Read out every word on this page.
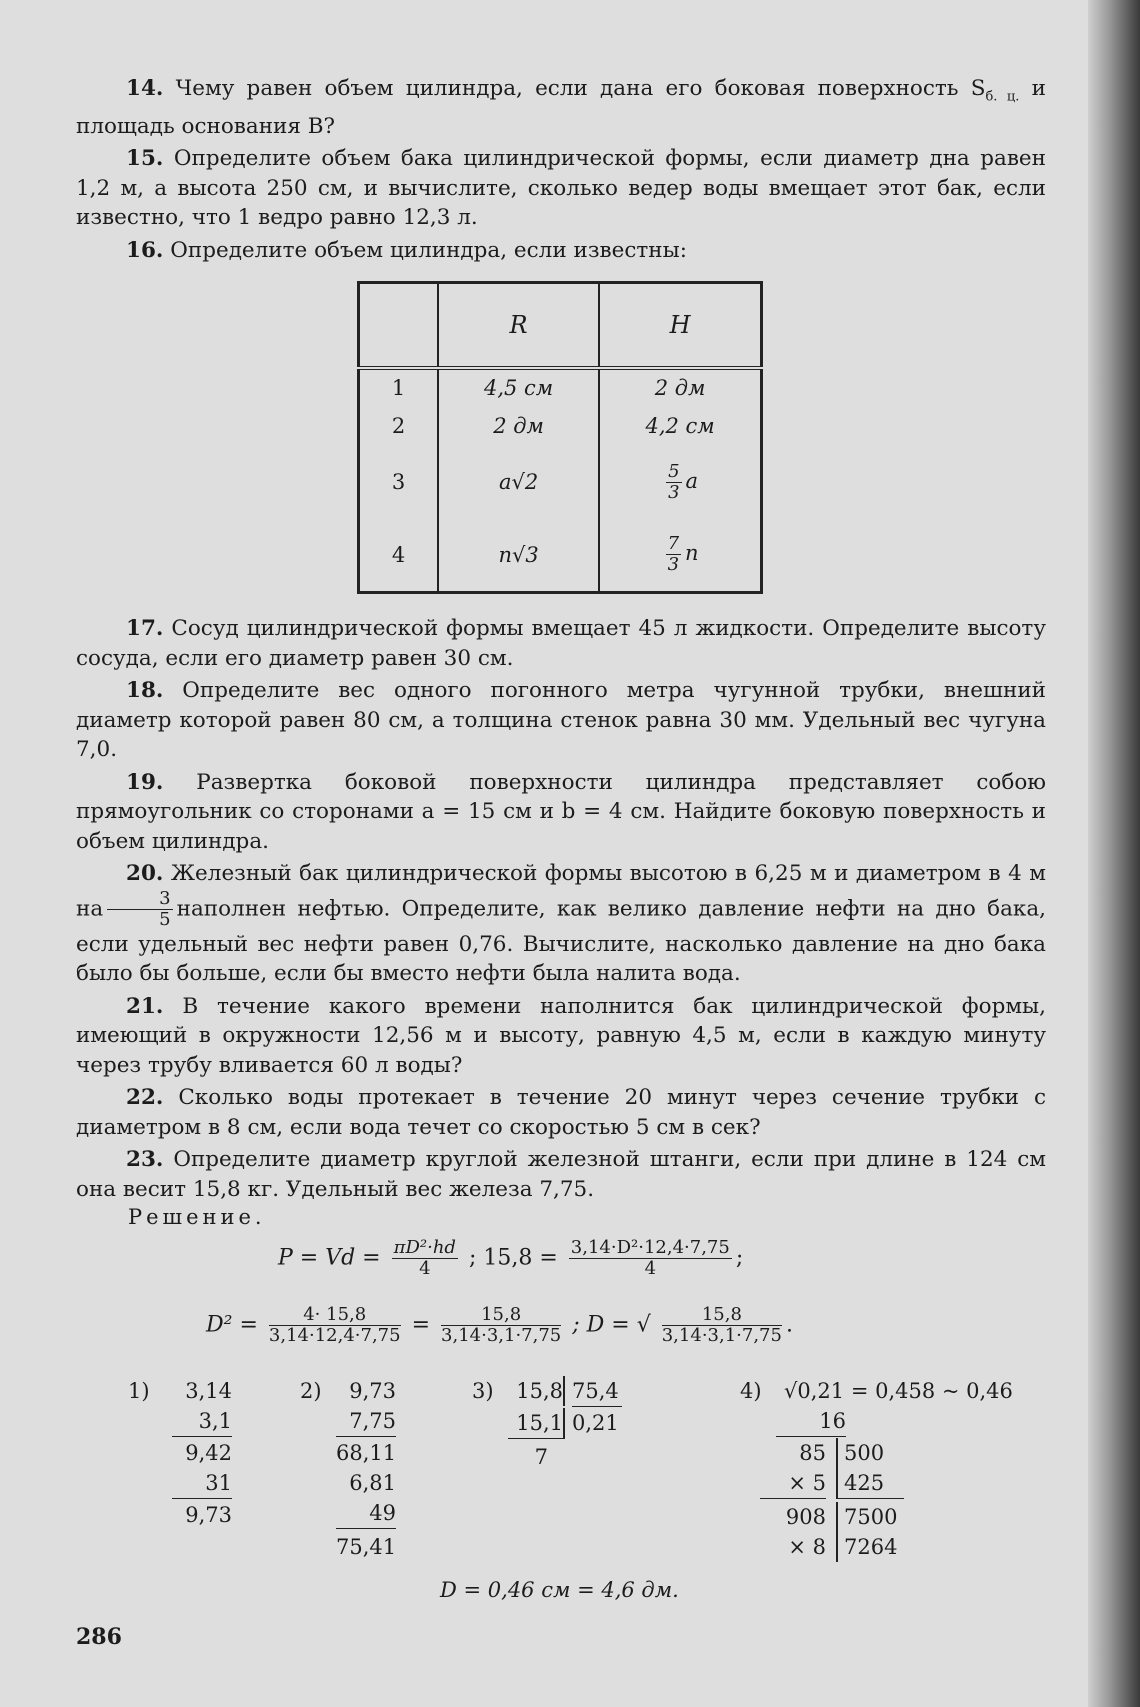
14. Чему равен объем цилиндра, если дана его боковая поверхность $S_{б. ц.}$ и площадь основания B?

15. Определите объем бака цилиндрической формы, если диаметр дна равен 1,2 м, а высота 250 см, и вычислите, сколько ведер воды вмещает этот бак, если известно, что 1 ведро равно 12,3 л.

16. Определите объем цилиндра, если известны:

	R	H
1	4,5 см	2 дм
2	2 дм	4,2 см
3	a√2	$\frac{5}{3}$ a
4	n√3	$\frac{7}{3}$ n

17. Сосуд цилиндрической формы вмещает 45 л жидкости. Определите высоту сосуда, если его диаметр равен 30 см.

18. Определите вес одного погонного метра чугунной трубки, внешний диаметр которой равен 80 см, а толщина стенок равна 30 мм. Удельный вес чугуна 7,0.

19. Развертка боковой поверхности цилиндра представляет собою прямоугольник со сторонами a = 15 см и b = 4 см. Найдите боковую поверхность и объем цилиндра.

20. Железный бак цилиндрической формы высотою в 6,25 м и диаметром в 4 м на $\frac{3}{5}$ наполнен нефтью. Определите, как велико давление нефти на дно бака, если удельный вес нефти равен 0,76. Вычислите, насколько давление на дно бака было бы больше, если бы вместо нефти была налита вода.

21. В течение какого времени наполнится бак цилиндрической формы, имеющий в окружности 12,56 м и высоту, равную 4,5 м, если в каждую минуту через трубу вливается 60 л воды?

22. Сколько воды протекает в течение 20 минут через сечение трубки с диаметром в 8 см, если вода течет со скоростью 5 см в сек?

23. Определите диаметр круглой железной штанги, если при длине в 124 см она весит 15,8 кг. Удельный вес железа 7,75.

Решение.
$P = Vd = \frac{\text{πD²·hd}}{4}$ ; $15,8 = \frac{\text{3,14·D²·12,4·7,75}}{4}$ ;
$D^2 = \frac{4\cdot 15,8}{3,14\cdot 12,4\cdot 7,75} = \frac{15,8}{3,14\cdot 3,1\cdot 7,75}$ ; D = √ $\frac{15,8}{3,14\cdot 3,1\cdot 7,75}$ .
1)	3,14
3,1
9,42
31
9,73
2)	9,73
7,75
68,11
6,81
49
75,41
3)	15,8 75,4
15,1 0,21
7
4) √0,21 = 0,458 ~ 0,46
16
85 500
× 5 425
908 7500
× 8 7264
D = 0,46 см = 4,6 дм.
286
